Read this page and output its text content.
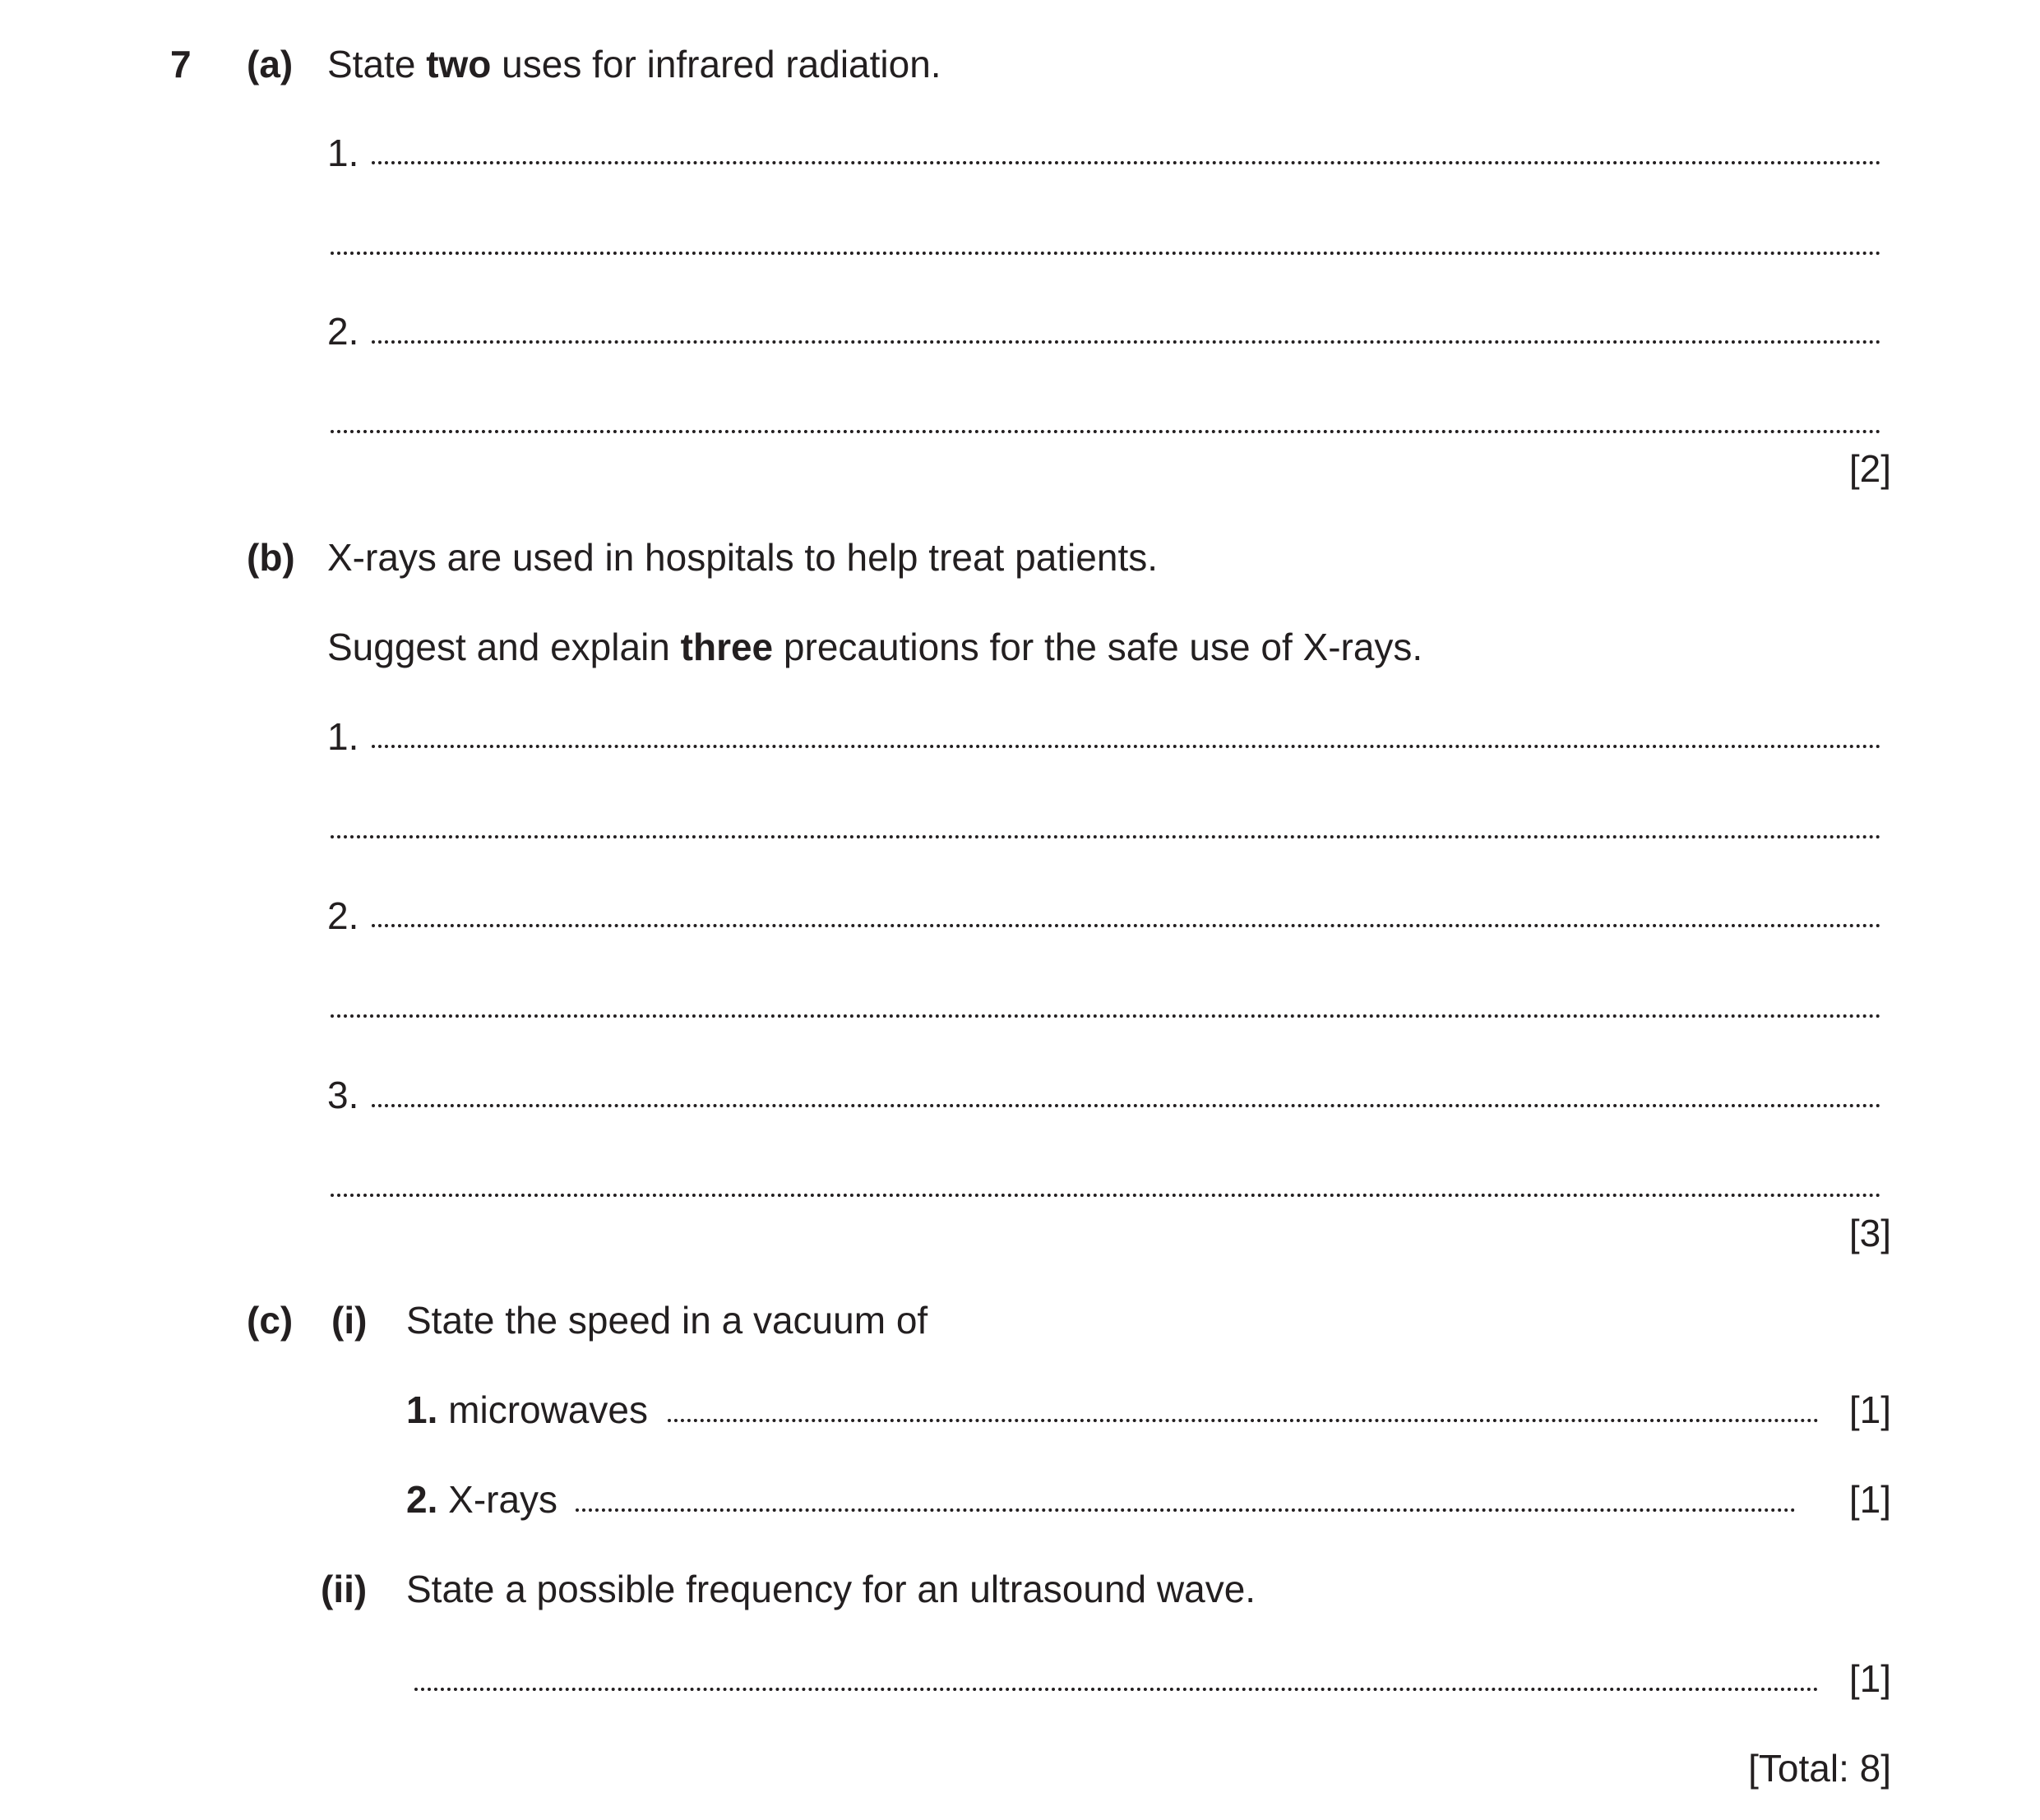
7 (a) State two uses for infrared radiation.
1.
2.
[2]
(b) X-rays are used in hospitals to help treat patients.
Suggest and explain three precautions for the safe use of X-rays.
1.
2.
3.
[3]
(c) (i) State the speed in a vacuum of
1. microwaves	[1]
2. X-rays	[1]
(ii) State a possible frequency for an ultrasound wave.
[1]
[Total: 8]
